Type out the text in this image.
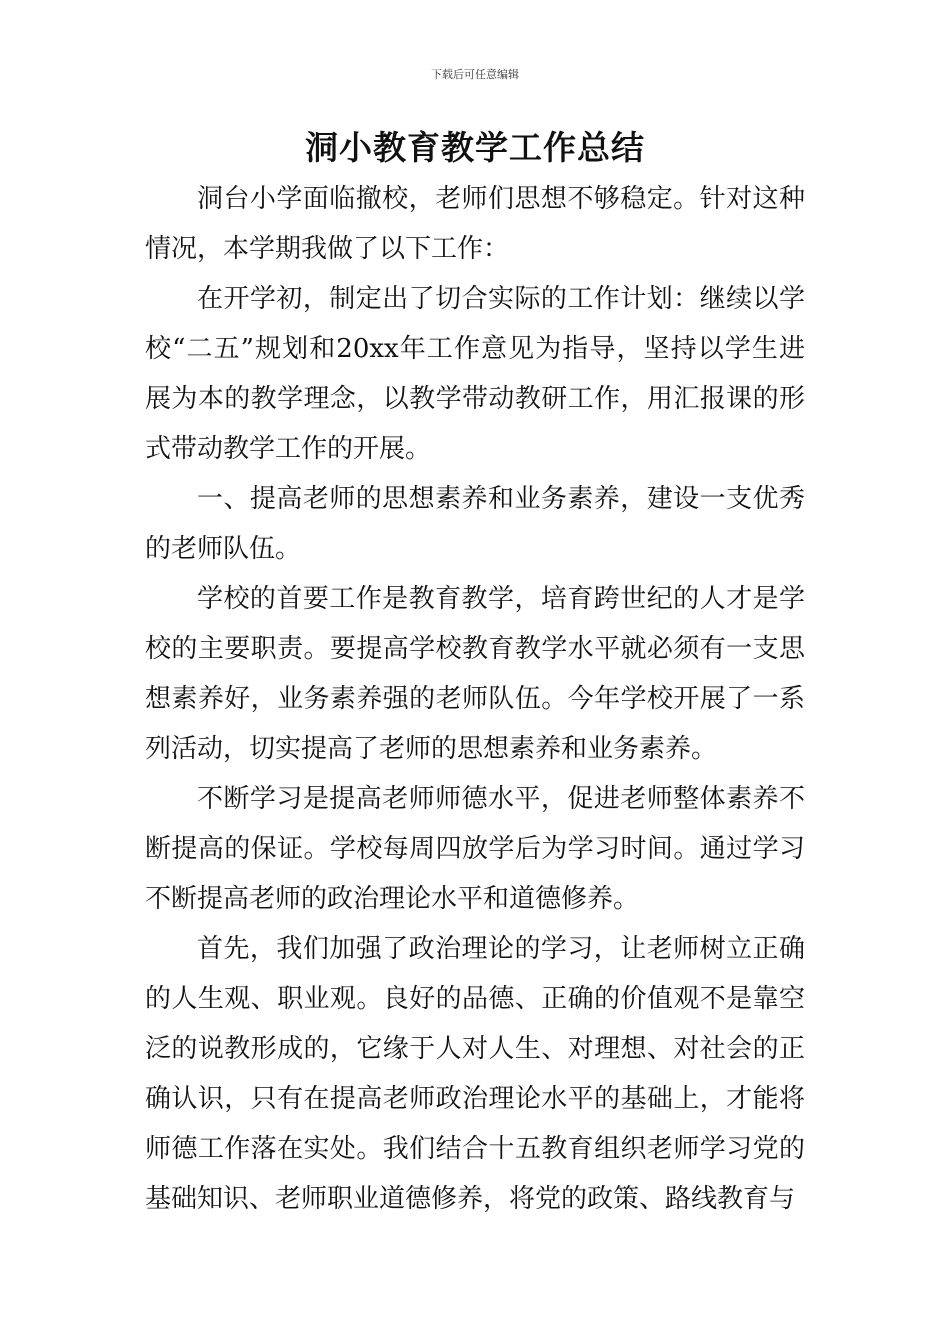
下载后可任意编辑
洞小教育教学工作总结

洞台小学面临撤校，老师们思想不够稳定。针对这种情况，本学期我做了以下工作：

在开学初，制定出了切合实际的工作计划：继续以学校“二五”规划和20xx年工作意见为指导，坚持以学生进展为本的教学理念，以教学带动教研工作，用汇报课的形式带动教学工作的开展。

一、提高老师的思想素养和业务素养，建设一支优秀的老师队伍。

学校的首要工作是教育教学，培育跨世纪的人才是学校的主要职责。要提高学校教育教学水平就必须有一支思想素养好，业务素养强的老师队伍。今年学校开展了一系列活动，切实提高了老师的思想素养和业务素养。

不断学习是提高老师师德水平，促进老师整体素养不断提高的保证。学校每周四放学后为学习时间。通过学习不断提高老师的政治理论水平和道德修养。

首先，我们加强了政治理论的学习，让老师树立正确的人生观、职业观。良好的品德、正确的价值观不是靠空泛的说教形成的，它缘于人对人生、对理想、对社会的正确认识，只有在提高老师政治理论水平的基础上，才能将师德工作落在实处。我们结合十五教育组织老师学习党的基础知识、老师职业道德修养，将党的政策、路线教育与
